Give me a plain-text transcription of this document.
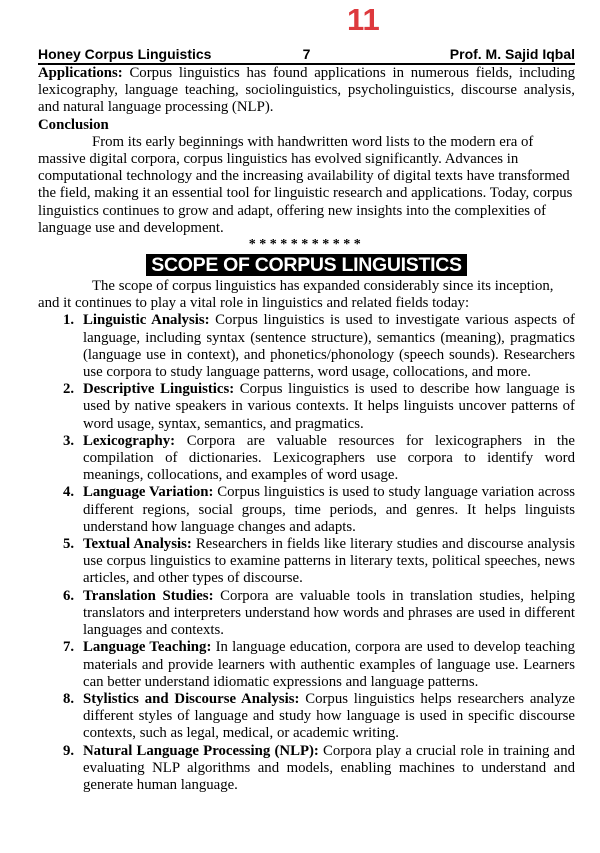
11
Honey Corpus Linguistics	7	Prof. M. Sajid Iqbal

Applications: Corpus linguistics has found applications in numerous fields, including lexicography, language teaching, sociolinguistics, psycholinguistics, discourse analysis, and natural language processing (NLP).

Conclusion

From its early beginnings with handwritten word lists to the modern era of massive digital corpora, corpus linguistics has evolved significantly. Advances in computational technology and the increasing availability of digital texts have transformed the field, making it an essential tool for linguistic research and applications. Today, corpus linguistics continues to grow and adapt, offering new insights into the complexities of language use and development.

***********
SCOPE OF CORPUS LINGUISTICS

The scope of corpus linguistics has expanded considerably since its inception, and it continues to play a vital role in linguistics and related fields today:

1. Linguistic Analysis: Corpus linguistics is used to investigate various aspects of language, including syntax (sentence structure), semantics (meaning), pragmatics (language use in context), and phonetics/phonology (speech sounds). Researchers use corpora to study language patterns, word usage, collocations, and more.
2. Descriptive Linguistics: Corpus linguistics is used to describe how language is used by native speakers in various contexts. It helps linguists uncover patterns of word usage, syntax, semantics, and pragmatics.
3. Lexicography: Corpora are valuable resources for lexicographers in the compilation of dictionaries. Lexicographers use corpora to identify word meanings, collocations, and examples of word usage.
4. Language Variation: Corpus linguistics is used to study language variation across different regions, social groups, time periods, and genres. It helps linguists understand how language changes and adapts.
5. Textual Analysis: Researchers in fields like literary studies and discourse analysis use corpus linguistics to examine patterns in literary texts, political speeches, news articles, and other types of discourse.
6. Translation Studies: Corpora are valuable tools in translation studies, helping translators and interpreters understand how words and phrases are used in different languages and contexts.
7. Language Teaching: In language education, corpora are used to develop teaching materials and provide learners with authentic examples of language use. Learners can better understand idiomatic expressions and language patterns.
8. Stylistics and Discourse Analysis: Corpus linguistics helps researchers analyze different styles of language and study how language is used in specific discourse contexts, such as legal, medical, or academic writing.
9. Natural Language Processing (NLP): Corpora play a crucial role in training and evaluating NLP algorithms and models, enabling machines to understand and generate human language.
